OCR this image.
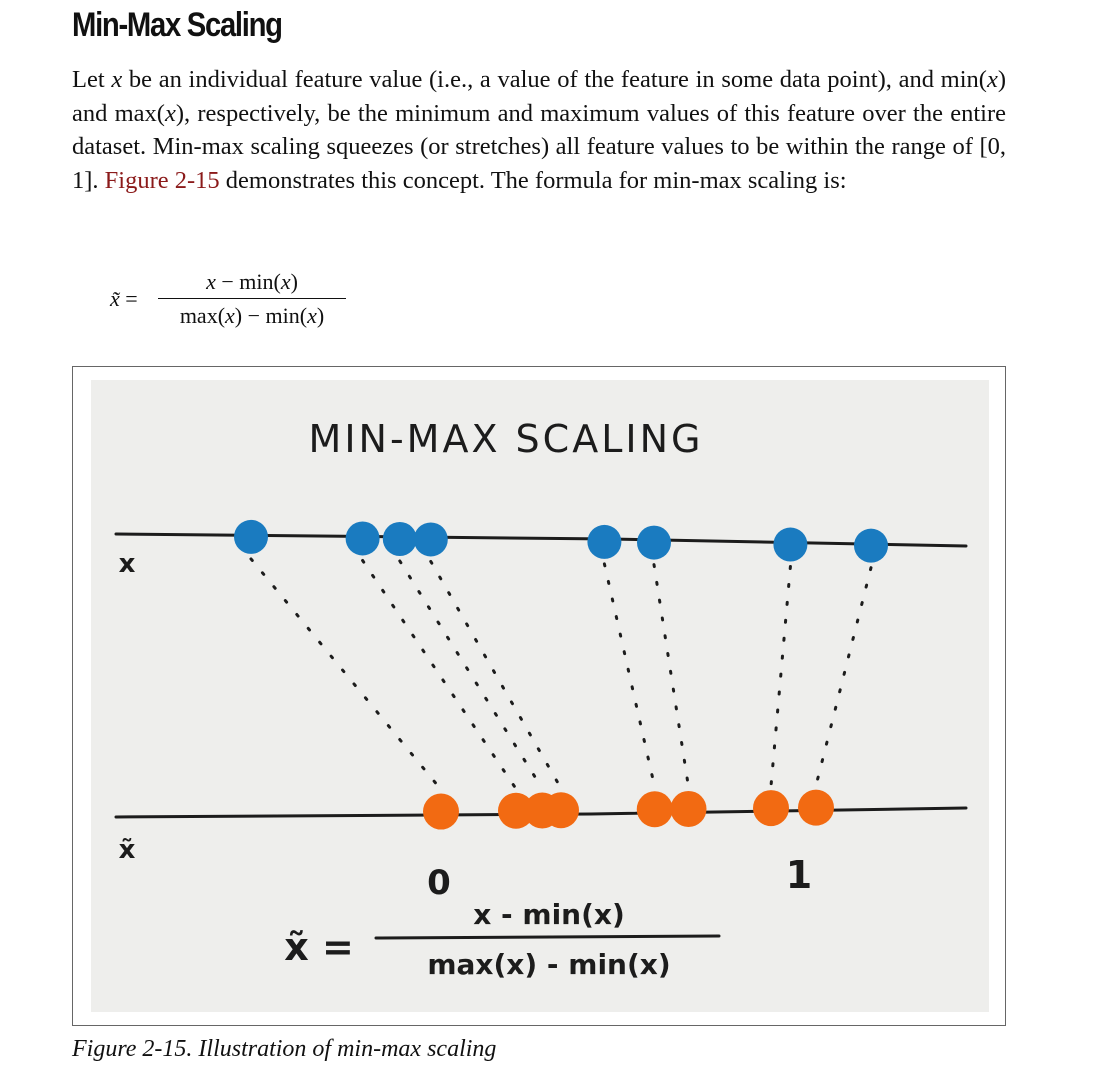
Min-Max Scaling

Let x be an individual feature value (i.e., a value of the feature in some data point), and min(x) and max(x), respectively, be the minimum and maximum values of this feature over the entire dataset. Min-max scaling squeezes (or stretches) all feature values to be within the range of [0, 1]. Figure 2-15 demonstrates this concept. The formula for min-max scaling is:

x̃ =
x − min(x)
max(x) − min(x)
MIN-MAX SCALING
x
x̃
0	1
x̃ =
x - min(x)
max(x) - min(x)

Figure 2-15. Illustration of min-max scaling
